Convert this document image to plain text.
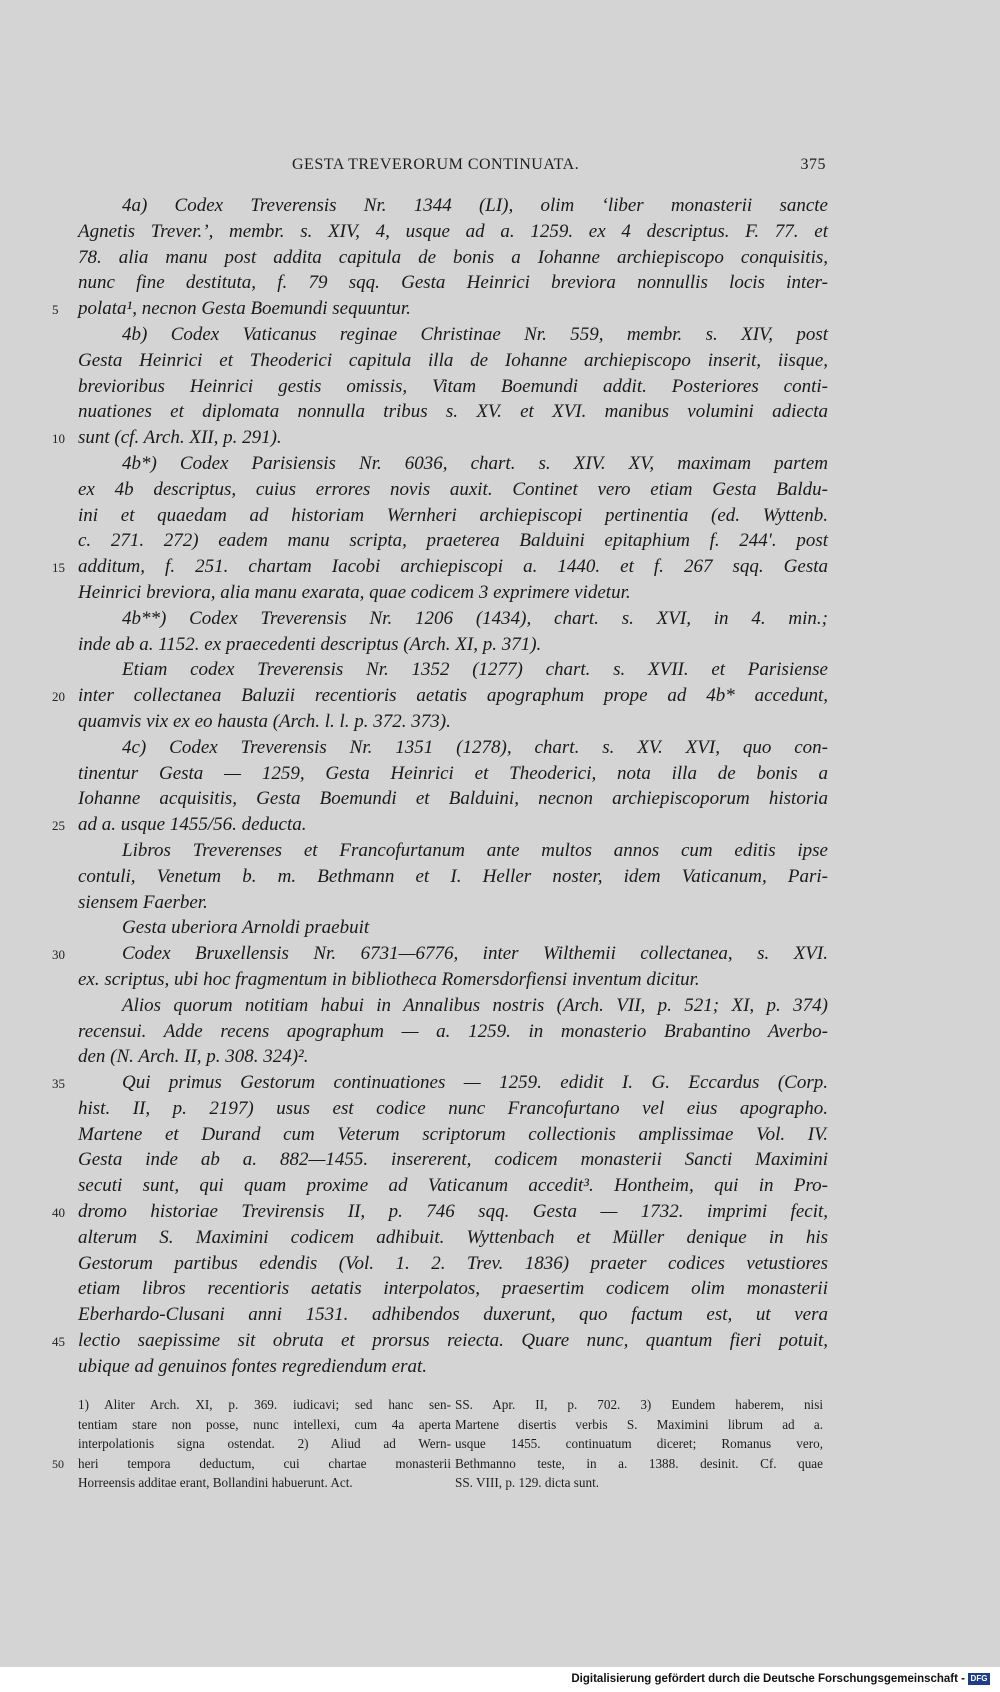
GESTA TREVERORUM CONTINUATA.	375
4a) Codex Treverensis Nr. 1344 (LI), olim ‘liber monasterii sancte
Agnetis Trever.’, membr. s. XIV, 4, usque ad a. 1259. ex 4 descriptus. F. 77. et
78. alia manu post addita capitula de bonis a Iohanne archiepiscopo conquisitis,
nunc fine destituta, f. 79 sqq. Gesta Heinrici breviora nonnullis locis inter-
5 polata¹, necnon Gesta Boemundi sequuntur.
4b) Codex Vaticanus reginae Christinae Nr. 559, membr. s. XIV, post
Gesta Heinrici et Theoderici capitula illa de Iohanne archiepiscopo inserit, iisque,
brevioribus Heinrici gestis omissis, Vitam Boemundi addit. Posteriores conti-
nuationes et diplomata nonnulla tribus s. XV. et XVI. manibus volumini adiecta
10 sunt (cf. Arch. XII, p. 291).
4b*) Codex Parisiensis Nr. 6036, chart. s. XIV. XV, maximam partem
ex 4b descriptus, cuius errores novis auxit. Continet vero etiam Gesta Baldu-
ini et quaedam ad historiam Wernheri archiepiscopi pertinentia (ed. Wyttenb.
c. 271. 272) eadem manu scripta, praeterea Balduini epitaphium f. 244′. post
15 additum, f. 251. chartam Iacobi archiepiscopi a. 1440. et f. 267 sqq. Gesta
Heinrici breviora, alia manu exarata, quae codicem 3 exprimere videtur.
4b**) Codex Treverensis Nr. 1206 (1434), chart. s. XVI, in 4. min.;
inde ab a. 1152. ex praecedenti descriptus (Arch. XI, p. 371).
Etiam codex Treverensis Nr. 1352 (1277) chart. s. XVII. et Parisiense
20 inter collectanea Baluzii recentioris aetatis apographum prope ad 4b* accedunt,
quamvis vix ex eo hausta (Arch. l. l. p. 372. 373).
4c) Codex Treverensis Nr. 1351 (1278), chart. s. XV. XVI, quo con-
tinentur Gesta — 1259, Gesta Heinrici et Theoderici, nota illa de bonis a
Iohanne acquisitis, Gesta Boemundi et Balduini, necnon archiepiscoporum historia
25 ad a. usque 1455/56. deducta.
Libros Treverenses et Francofurtanum ante multos annos cum editis ipse
contuli, Venetum b. m. Bethmann et I. Heller noster, idem Vaticanum, Pari-
siensem Faerber.
Gesta uberiora Arnoldi praebuit
30	Codex Bruxellensis Nr. 6731—6776, inter Wilthemii collectanea, s. XVI.
ex. scriptus, ubi hoc fragmentum in bibliotheca Romersdorfiensi inventum dicitur.
Alios quorum notitiam habui in Annalibus nostris (Arch. VII, p. 521; XI, p. 374)
recensui. Adde recens apographum — a. 1259. in monasterio Brabantino Averbo-
den (N. Arch. II, p. 308. 324)².
35	Qui primus Gestorum continuationes — 1259. edidit I. G. Eccardus (Corp.
hist. II, p. 2197) usus est codice nunc Francofurtano vel eius apographo.
Martene et Durand cum Veterum scriptorum collectionis amplissimae Vol. IV.
Gesta inde ab a. 882—1455. insererent, codicem monasterii Sancti Maximini
secuti sunt, qui quam proxime ad Vaticanum accedit³. Hontheim, qui in Pro-
40 dromo historiae Trevirensis II, p. 746 sqq. Gesta — 1732. imprimi fecit,
alterum S. Maximini codicem adhibuit. Wyttenbach et Müller denique in his
Gestorum partibus edendis (Vol. 1. 2. Trev. 1836) praeter codices vetustiores
etiam libros recentioris aetatis interpolatos, praesertim codicem olim monasterii
Eberhardo-Clusani anni 1531. adhibendos duxerunt, quo factum est, ut vera
45 lectio saepissime sit obruta et prorsus reiecta. Quare nunc, quantum fieri potuit,
ubique ad genuinos fontes regrediendum erat.
1) Aliter Arch. XI, p. 369. iudicavi; sed hanc sen-
tentiam stare non posse, nunc intellexi, cum 4a aperta
interpolationis signa ostendat. 2) Aliud ad Wern-
50 heri tempora deductum, cui chartae monasterii
Horreensis additae erant, Bollandini habuerunt. Act.
SS. Apr. II, p. 702. 3) Eundem haberem, nisi
Martene disertis verbis S. Maximini librum ad a.
usque 1455. continuatum diceret; Romanus vero,
Bethmanno teste, in a. 1388. desinit. Cf. quae
SS. VIII, p. 129. dicta sunt.
Digitalisierung gefördert durch die Deutsche Forschungsgemeinschaft - DFG
